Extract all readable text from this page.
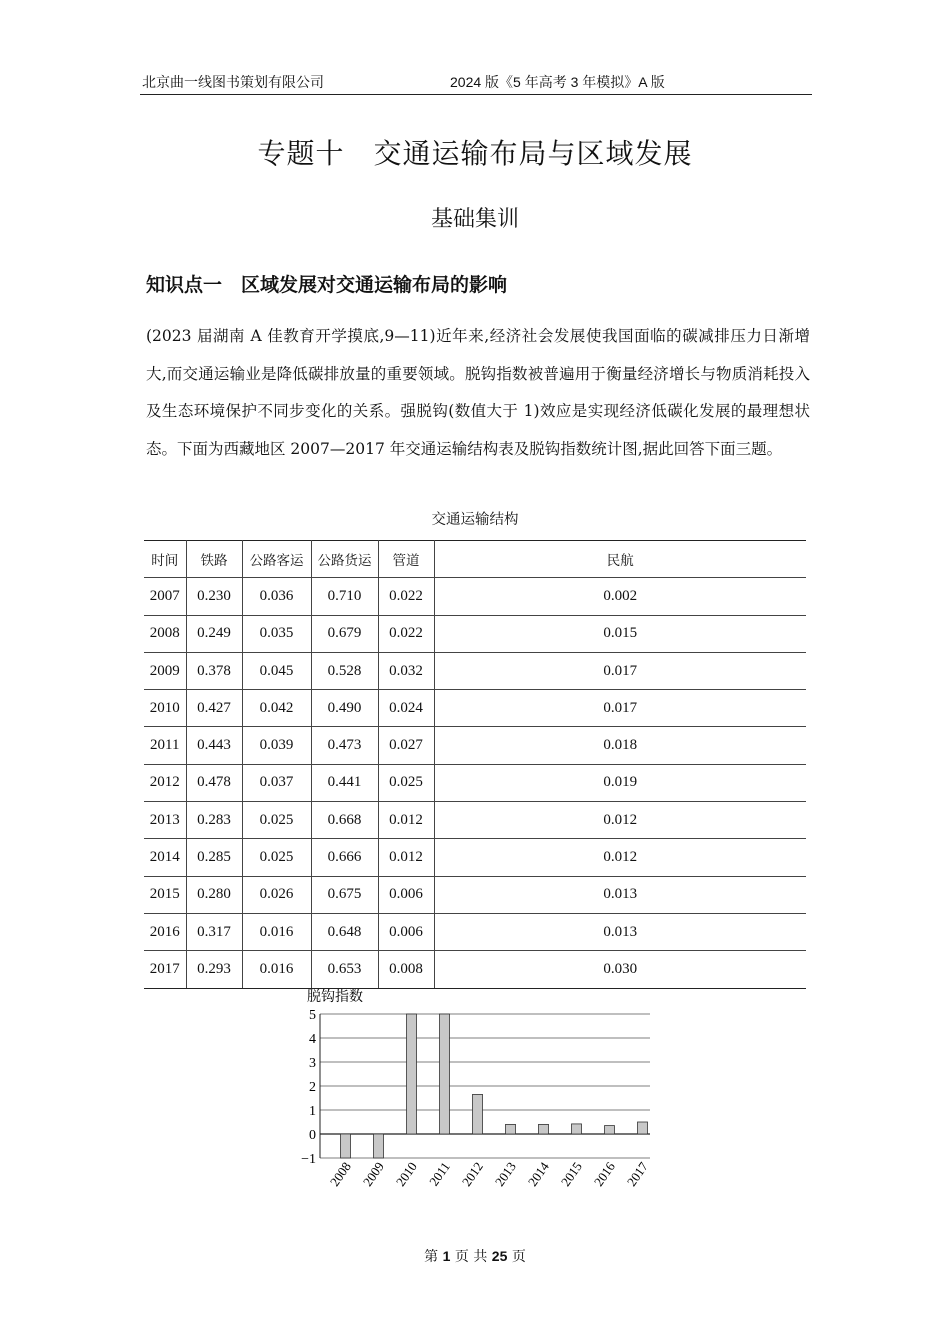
北京曲一线图书策划有限公司	2024 版《5 年高考 3 年模拟》A 版
专题十　交通运输布局与区域发展
基础集训
知识点一　区域发展对交通运输布局的影响
(2023 届湖南 A 佳教育开学摸底,9—11)近年来,经济社会发展使我国面临的碳减排压力日渐增大,而交通运输业是降低碳排放量的重要领域。脱钩指数被普遍用于衡量经济增长与物质消耗投入及生态环境保护不同步变化的关系。强脱钩(数值大于 1)效应是实现经济低碳化发展的最理想状态。下面为西藏地区 2007—2017 年交通运输结构表及脱钩指数统计图,据此回答下面三题。
交通运输结构
时间	铁路	公路客运	公路货运	管道	民航
2007	0.230	0.036	0.710	0.022	0.002
2008	0.249	0.035	0.679	0.022	0.015
2009	0.378	0.045	0.528	0.032	0.017
2010	0.427	0.042	0.490	0.024	0.017
2011	0.443	0.039	0.473	0.027	0.018
2012	0.478	0.037	0.441	0.025	0.019
2013	0.283	0.025	0.668	0.012	0.012
2014	0.285	0.025	0.666	0.012	0.012
2015	0.280	0.026	0.675	0.006	0.013
2016	0.317	0.016	0.648	0.006	0.013
2017	0.293	0.016	0.653	0.008	0.030
脱钩指数
5
4
3
2
1
0
−1 2008 2009 2010 2011 2012 2013 2014 2015 2016 2017
第 1 页 共 25 页
